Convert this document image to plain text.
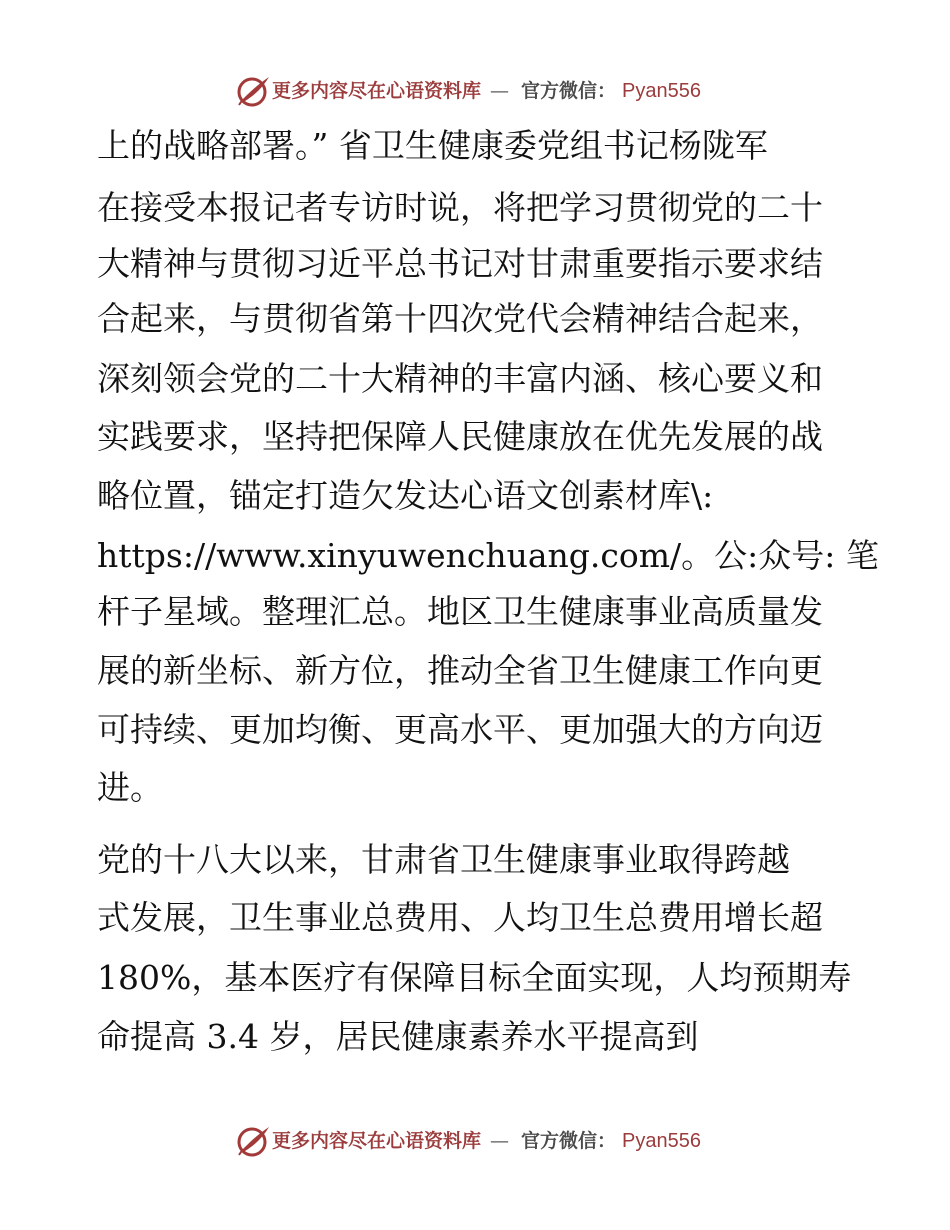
更多内容尽在心语资料库 — 官方微信： Pyan556
上的战略部署。” 省卫生健康委党组书记杨陇军
在接受本报记者专访时说，将把学习贯彻党的二十
大精神与贯彻习近平总书记对甘肃重要指示要求结
合起来，与贯彻省第十四次党代会精神结合起来，
深刻领会党的二十大精神的丰富内涵、核心要义和
实践要求，坚持把保障人民健康放在优先发展的战
略位置，锚定打造欠发达心语文创素材库\:
https://www.xinyuwenchuang.com/。公:众号: 笔
杆子星域。整理汇总。地区卫生健康事业高质量发
展的新坐标、新方位，推动全省卫生健康工作向更
可持续、更加均衡、更高水平、更加强大的方向迈
进。
党的十八大以来，甘肃省卫生健康事业取得跨越
式发展，卫生事业总费用、人均卫生总费用增长超
180%，基本医疗有保障目标全面实现，人均预期寿
命提高 3.4 岁，居民健康素养水平提高到
更多内容尽在心语资料库 — 官方微信： Pyan556
